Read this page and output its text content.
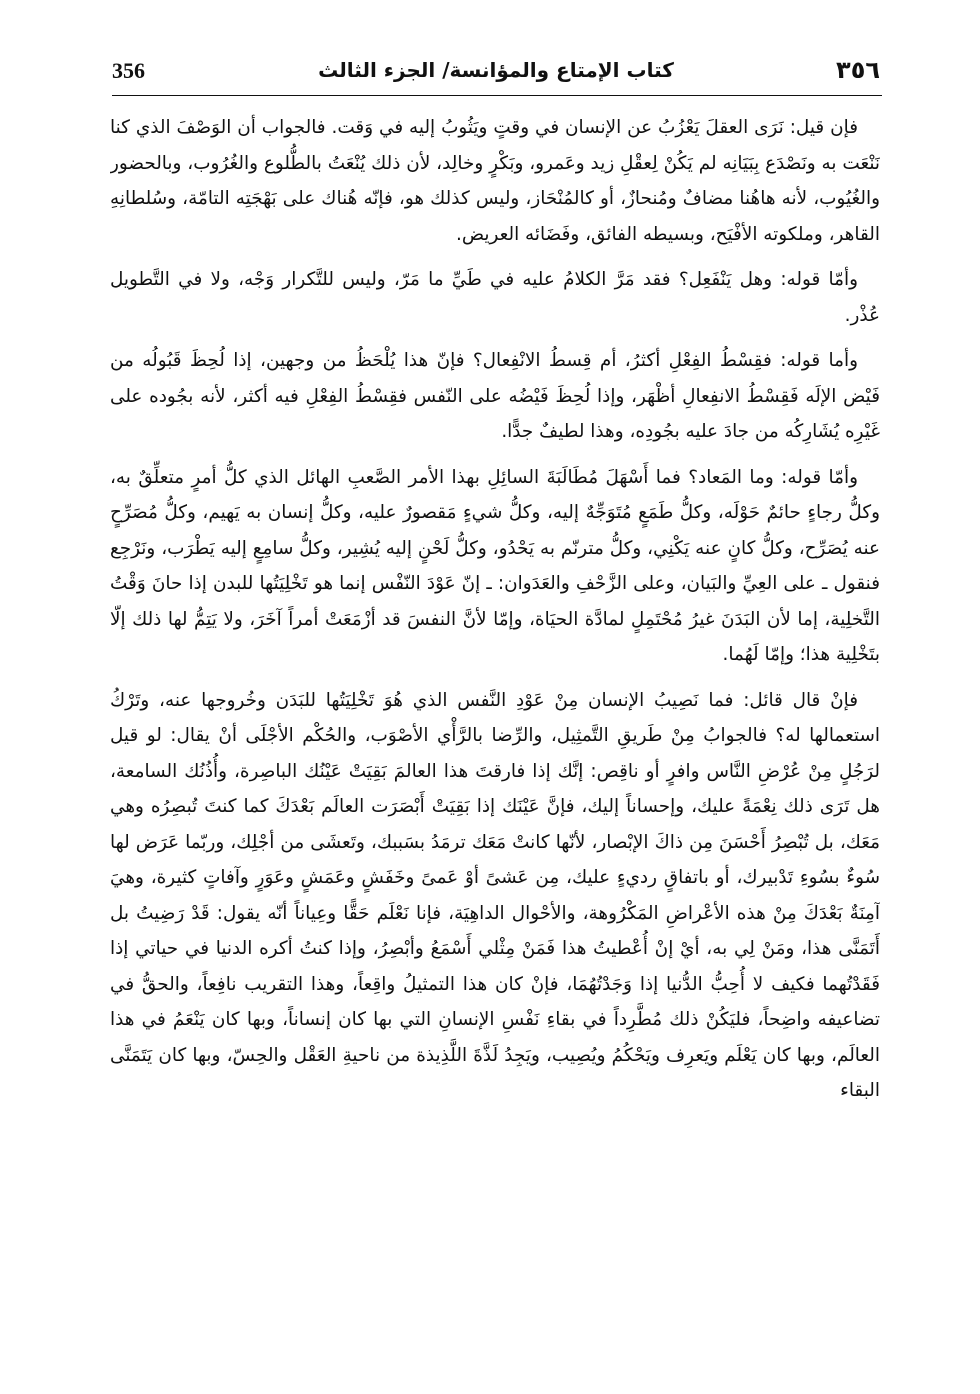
356	كتاب الإمتاع والمؤانسة/ الجزء الثالث	٣٥٦

فإن قيل: نَرَى العقلَ يَعْزُبُ عن الإنسان في وقتٍ ويَثُوبُ إليه في وَقت. فالجواب أن الوَصْفَ الذي كنا نَنْعَت به ونَصْدَع بِبَيَانِه لم يَكُنْ لِعقْلِ زيد وعَمرو، وبَكْرٍ وخالِد، لأن ذلك يُنْعَتُ بالطُّلوع والغُرُوب، وبالحضور والغُيُوب، لأنه هاهُنا مضافٌ ومُنحازٌ، أو كالمُنْحَاز، وليس كذلك هو، فإنّه هُناك على بَهْجَتِه التامّة، وسُلطانِهِ القاهر، وملكوته الأفْيَح، وبسيطه الفائق، وفَضَائه العريض.

وأمّا قوله: وهل يَنْفَعِل؟ فقد مَرَّ الكلامُ عليه في طَيِّ ما مَرّ، وليس للتَّكرار وَجْه، ولا في التَّطويل عُذْر.

وأما قوله: فقِسْطُ الفِعْلِ أكثرُ، أم قِسطُ الانْفِعال؟ فإنّ هذا يُلْحَظُ من وجهين، إذا لُحِظَ قَبُولُه من فَيْض الإلَه فَقِسْطُ الانفِعالِ أظْهَر، وإذا لُحِظَ فَيْضُه على النّفس فقِسْطُ الفِعْلِ فيه أكثر، لأنه بجُوده على غَيْرِه يُشَارِكُه من جادَ عليه بجُودِه، وهذا لطيفٌ جدًّا.

وأمّا قوله: وما المَعاد؟ فما أَسْهَلَ مُطَالَبَةَ السائِلِ بهذا الأمر الصَّعبِ الهائل الذي كلُّ أمرٍ متعلِّقٌ به، وكلُّ رجاءٍ حائمٌ حَوْلَه، وكلُّ طَمَعٍ مُتَوَجِّهٌ إليه، وكلُّ شيءٍ مَقصورٌ عليه، وكلُّ إنسان به يَهيم، وكلُّ مُصَرِّحٍ عنه يُصَرِّح، وكلُّ كانٍ عنه يَكْنِي، وكلُّ مترنّم به يَحْدُو، وكلُّ لَحْنٍ إليه يُشِير، وكلُّ سامِعٍ إليه يَطْرَب، ونَرْجِع فنقول ـ على العِيِّ والبَيان، وعلى الزَّحْفِ والعَدَوان: ـ إنّ عَوْدَ النّفْس إنما هو تَخْلِيَتُها للبدن إذا حانَ وَقْتُ التَّخلِية، إما لأن البَدَنَ غيرُ مُحْتَمِلٍ لمادَّة الحيَاة، وإمّا لأنَّ النفسَ قد أزْمَعَتْ أمراً آخَرَ، ولا يَتِمُّ لها ذلك إلّا بتَخْلِية هذا؛ وإمّا لَهُما.

فإنْ قال قائل: فما نَصِيبُ الإنسان مِنْ عَوْدِ النَّفس الذي هُوَ تَخْلِيَتُها للبَدَن وخُروجها عنه، وتَرْكُ استعمالها له؟ فالجوابُ مِنْ طَريقِ التَّمثِيل، والرِّضا بالرَّأْي الأصْوَب، والحُكْم الأجْلَى أنْ يقال: لو قيل لرَجُلٍ مِنْ عُرْضِ النَّاس وافرٍ أو ناقِص: إنَّك إذا فارقتَ هذا العالمَ بَقِيَتْ عَيْنُك الباصِرة، وأُذُنُك السامعة، هل تَرَى ذلك نِعْمَةً عليك، وإحساناً إليك، فإنَّ عَيْنَك إذا بَقِيَتْ أَبْصَرَت العالَم بَعْدَكَ كما كنتَ تُبصِرُه وهي مَعَك، بل تُبْصِرُ أَحْسَنَ مِن ذاكَ الإبْصار، لأنّها كانتْ مَعَك ترمَدُ بسَببك، وتَعشَى من أجْلِك، وربّما عَرَض لها سُوءٌ بسُوءِ تَدْبيرك، أو باتفاقٍ رديءٍ عليك، مِن عَشىً أوْ عَمىً وخَفَشٍ وعَمَشٍ وعَوَرٍ وآفاتٍ كثيرة، وهيَ آمِنَةٌ بَعْدَكَ مِنْ هذه الأعْراضِ المَكْرُوهة، والأحْوال الداهِيَة، فإنا نَعْلَم حَقًّا وعِياناً أنّه يقول: قَدْ رَضِيتُ بل أَتَمَنَّى هذا، ومَنْ لِي به، أيْ إنْ أُعْطيتُ هذا فَمَنْ مِثْلي أَسْمَعُ وأبْصِرُ، وإذا كنتُ أكره الدنيا في حياتي إذا فَقَدْتُهما فكيف لا أُحِبُّ الدُّنيا إذا وَجَدْتُهُمَا، فإنْ كان هذا التمثيلُ واقِعاً، وهذا التقريب نافِعاً، والحقُّ في تضاعيفه واضِحاً، فليَكُنْ ذلك مُطَّرِداً في بقاءِ نَفْسِ الإنسانِ التي بها كان إنساناً، وبها كان يَنْعَمُ في هذا العالَم، وبها كان يَعْلَم ويَعرِف ويَحْكُمُ ويُصِيب، ويَجِدُ لَذَّةَ اللَّذِيذة من ناحيةِ العَقْل والحِسّ، وبها كان يَتَمَنَّى البقاء
